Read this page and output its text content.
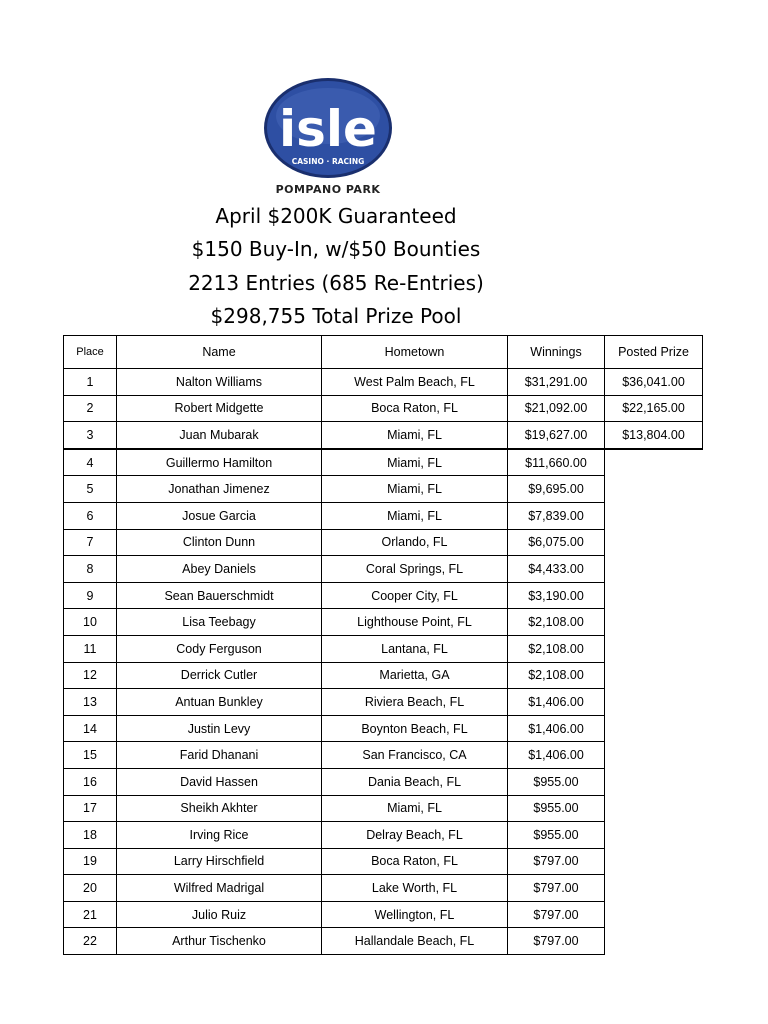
isle
CASINO · RACING
POMPANO PARK
April $200K Guaranteed
$150 Buy-In, w/$50 Bounties
2213 Entries (685 Re-Entries)
$298,755 Total Prize Pool
Place	Name	Hometown	Winnings	Posted Prize
1	Nalton Williams	West Palm Beach, FL	$31,291.00	$36,041.00
2	Robert Midgette	Boca Raton, FL	$21,092.00	$22,165.00
3	Juan Mubarak	Miami, FL	$19,627.00	$13,804.00
4	Guillermo Hamilton	Miami, FL	$11,660.00	
5	Jonathan Jimenez	Miami, FL	$9,695.00	
6	Josue Garcia	Miami, FL	$7,839.00	
7	Clinton Dunn	Orlando, FL	$6,075.00	
8	Abey Daniels	Coral Springs, FL	$4,433.00	
9	Sean Bauerschmidt	Cooper City, FL	$3,190.00	
10	Lisa Teebagy	Lighthouse Point, FL	$2,108.00	
11	Cody Ferguson	Lantana, FL	$2,108.00	
12	Derrick Cutler	Marietta, GA	$2,108.00	
13	Antuan Bunkley	Riviera Beach, FL	$1,406.00	
14	Justin Levy	Boynton Beach, FL	$1,406.00	
15	Farid Dhanani	San Francisco, CA	$1,406.00	
16	David Hassen	Dania Beach, FL	$955.00	
17	Sheikh Akhter	Miami, FL	$955.00	
18	Irving Rice	Delray Beach, FL	$955.00	
19	Larry Hirschfield	Boca Raton, FL	$797.00	
20	Wilfred Madrigal	Lake Worth, FL	$797.00	
21	Julio Ruiz	Wellington, FL	$797.00	
22	Arthur Tischenko	Hallandale Beach, FL	$797.00	
